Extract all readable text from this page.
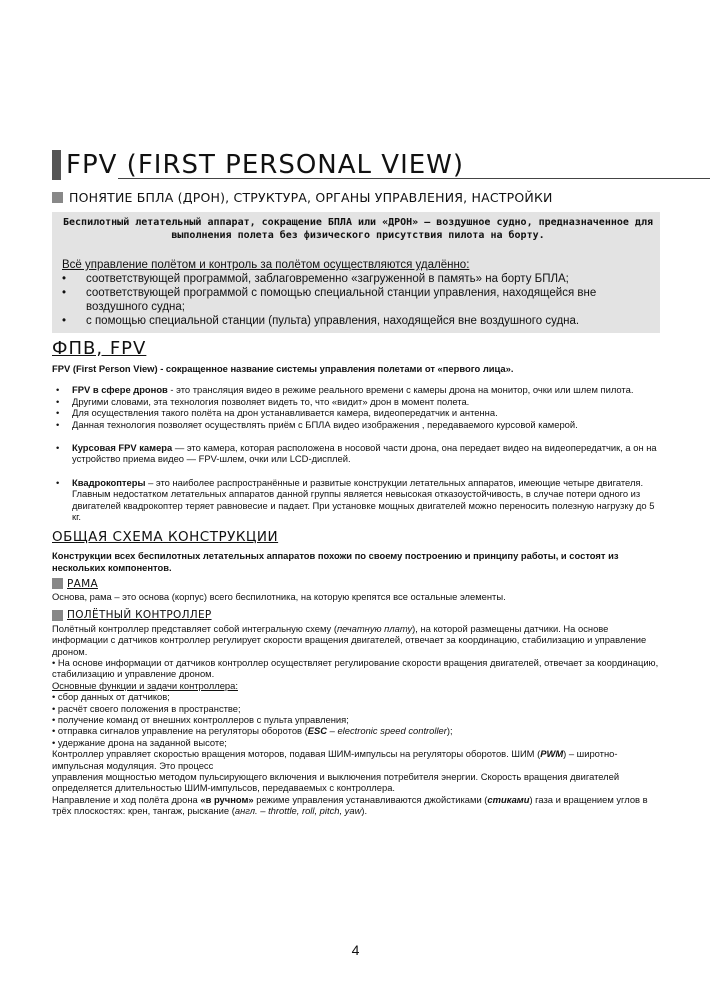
FPV (FIRST PERSONAL VIEW)
ПОНЯТИЕ БПЛА (ДРОН), СТРУКТУРА, ОРГАНЫ УПРАВЛЕНИЯ, НАСТРОЙКИ
Беспилотный летательный аппарат, сокращение БПЛА или «ДРОН» – воздушное судно, предназначенное для выполнения полета без физического присутствия пилота на борту.
Всё управление полётом и контроль за полётом осуществляются удалённо:
• соответствующей программой, заблаговременно «загруженной в память» на борту БПЛА;
• соответствующей программой с помощью специальной станции управления, находящейся вне воздушного судна;
• с помощью специальной станции (пульта) управления, находящейся вне воздушного судна.
ФПВ, FPV

FPV (First Person View) - сокращенное название системы управления полетами от «первого лица».

• FPV в сфере дронов - это трансляция видео в режиме реального времени с камеры дрона на монитор, очки или шлем пилота.
• Другими словами, эта технология позволяет видеть то, что «видит» дрон в момент полета.
• Для осуществления такого полёта на дрон устанавливается камера, видеопередатчик и антенна.
• Данная технология позволяет осуществлять приём с БПЛА видео изображения , передаваемого курсовой камерой.
• Курсовая FPV камера — это камера, которая расположена в носовой части дрона, она передает видео на видеопередатчик, а он на устройство приема видео — FPV-шлем, очки или LCD-дисплей.
• Квадрокоптеры – это наиболее распространённые и развитые конструкции летательных аппаратов, имеющие четыре двигателя. Главным недостатком летательных аппаратов данной группы является невысокая отказоустойчивость, в случае потери одного из двигателей квадрокоптер теряет равновесие и падает. При установке мощных двигателей можно переносить полезную нагрузку до 5 кг.
ОБЩАЯ СХЕМА КОНСТРУКЦИИ

Конструкции всех беспилотных летательных аппаратов похожи по своему построению и принципу работы, и состоят из нескольких компонентов.

РАМА

Основа, рама – это основа (корпус) всего беспилотника, на которую крепятся все остальные элементы.

ПОЛЁТНЫЙ КОНТРОЛЛЕР

Полётный контроллер представляет собой интегральную схему (печатную плату), на которой размещены датчики. На основе информации с датчиков контроллер регулирует скорости вращения двигателей, отвечает за координацию, стабилизацию и управление дроном.

• На основе информации от датчиков контроллер осуществляет регулирование скорости вращения двигателей, отвечает за координацию, стабилизацию и управление дроном.

Основные функции и задачи контроллера:

• сбор данных от датчиков;

• расчёт своего положения в пространстве;

• получение команд от внешних контроллеров с пульта управления;

• отправка сигналов управление на регуляторы оборотов (ESC – electronic speed controller);

• удержание дрона на заданной высоте;

Контроллер управляет скоростью вращения моторов, подавая ШИМ-импульсы на регуляторы оборотов. ШИМ (PWM) – широтно-импульсная модуляция. Это процесс

управления мощностью методом пульсирующего включения и выключения потребителя энергии. Скорость вращения двигателей определяется длительностью ШИМ-импульсов, передаваемых с контроллера.

Направление и ход полёта дрона «в ручном» режиме управления устанавливаются джойстиками (стиками) газа и вращением углов в трёх плоскостях: крен, тангаж, рыскание (англ. – throttle, roll, pitch, yaw).

4
